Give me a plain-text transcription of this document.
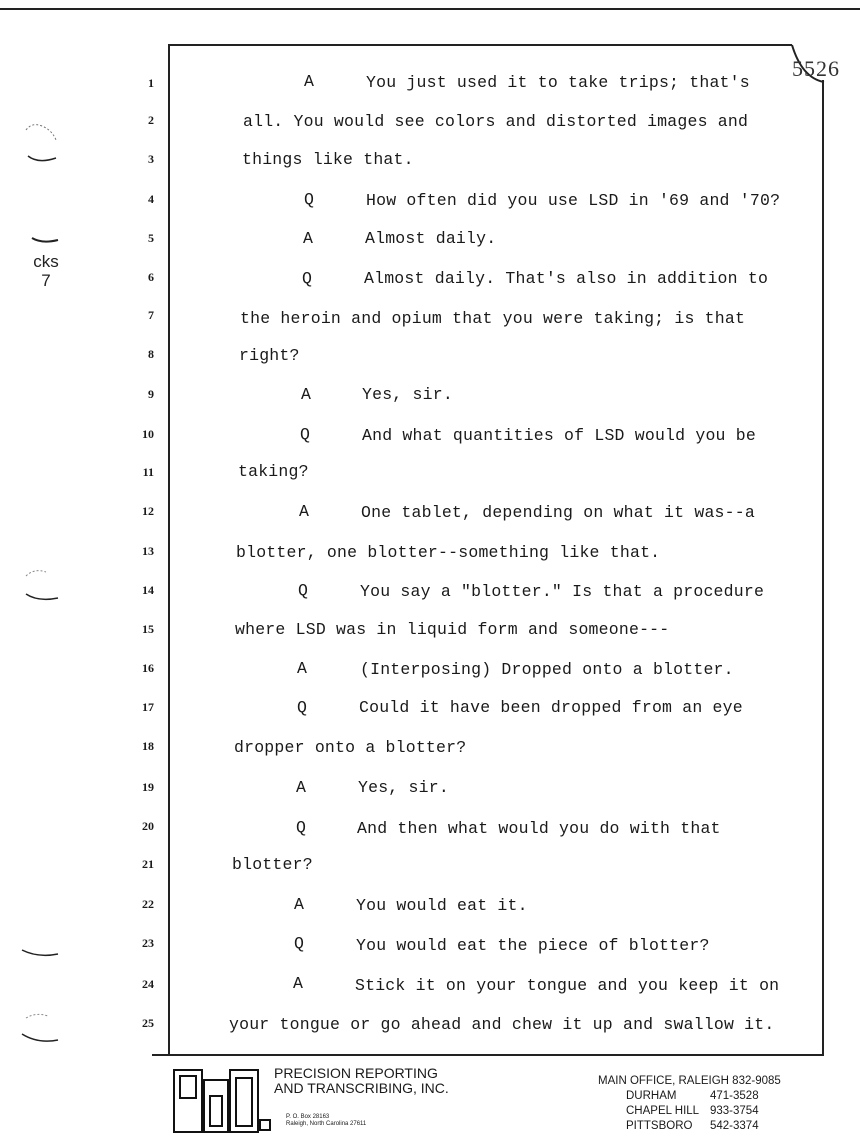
cks
7
5526
1	A	You just used it to take trips; that's
2	all. You would see colors and distorted images and
3	things like that.
4	Q	How often did you use LSD in '69 and '70?
5	A	Almost daily.
6	Q	Almost daily. That's also in addition to
7	the heroin and opium that you were taking; is that
8	right?
9	A	Yes, sir.
10	Q	And what quantities of LSD would you be
11	taking?
12	A	One tablet, depending on what it was--a
13	blotter, one blotter--something like that.
14	Q	You say a "blotter." Is that a procedure
15	where LSD was in liquid form and someone---
16	A	(Interposing) Dropped onto a blotter.
17	Q	Could it have been dropped from an eye
18	dropper onto a blotter?
19	A	Yes, sir.
20	Q	And then what would you do with that
21	blotter?
22	A	You would eat it.
23	Q	You would eat the piece of blotter?
24	A	Stick it on your tongue and you keep it on
25	your tongue or go ahead and chew it up and swallow it.
PRECISION REPORTING
AND TRANSCRIBING, INC.
P. O. Box 28163
Raleigh, North Carolina 27611
MAIN OFFICE, RALEIGH 832-9085
DURHAM	471-3528
CHAPEL HILL 933-3754
PITTSBORO 542-3374
